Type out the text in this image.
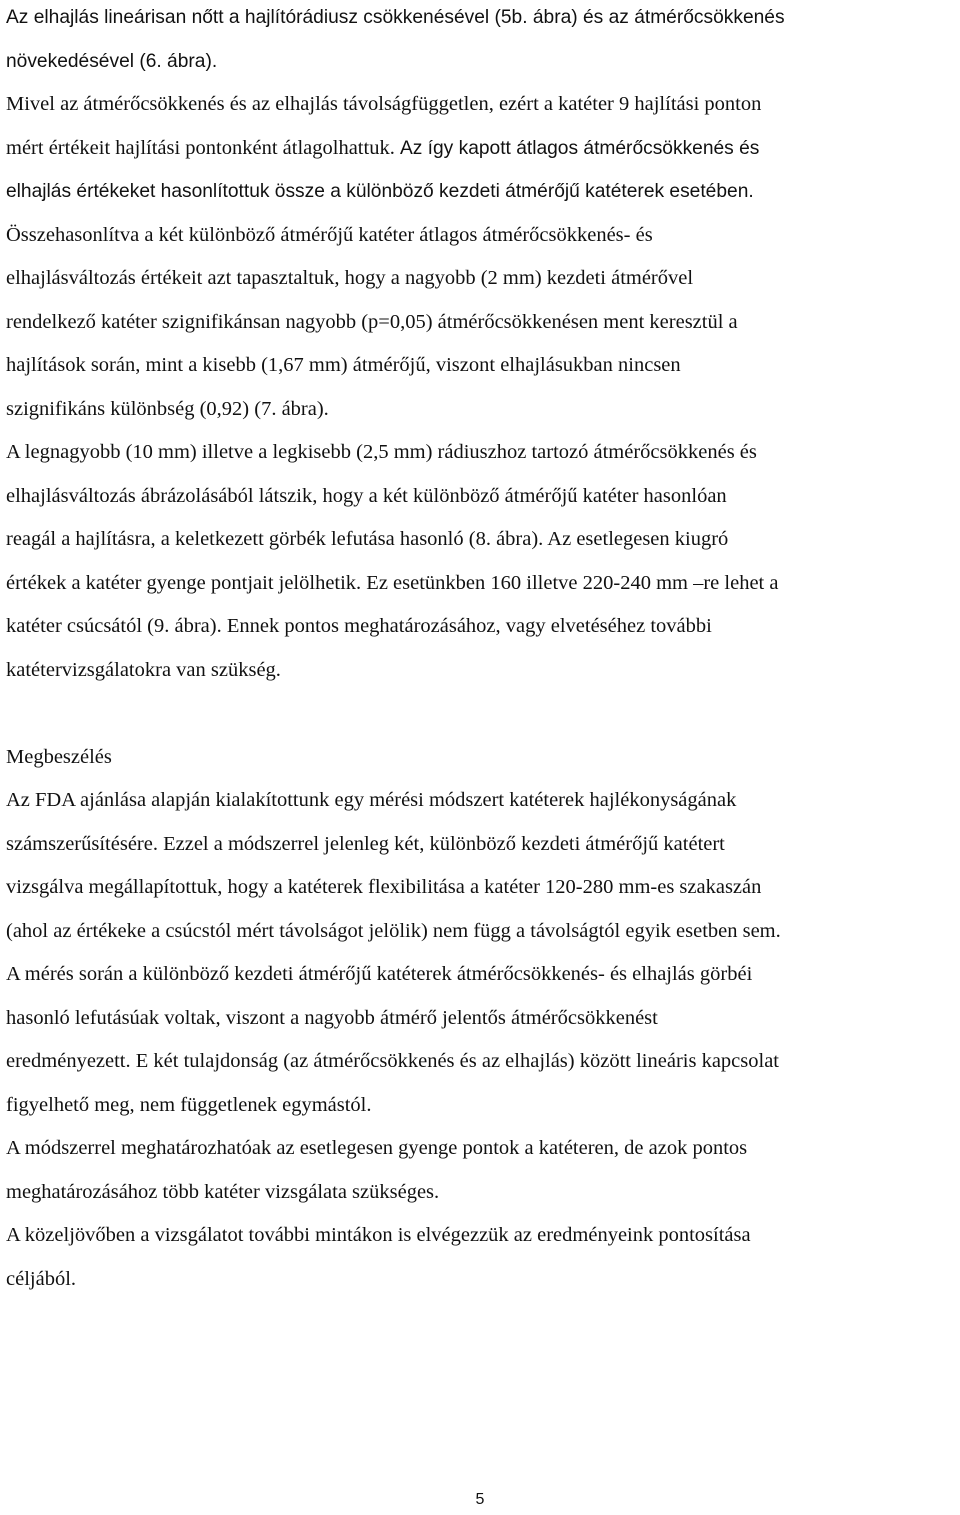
Az elhajlás lineárisan nőtt a hajlítórádiusz csökkenésével (5b. ábra) és az átmérőcsökkenés
növekedésével (6. ábra).

Mivel az átmérőcsökkenés és az elhajlás távolságfüggetlen, ezért a katéter 9 hajlítási ponton
mért értékeit hajlítási pontonként átlagolhattuk. Az így kapott átlagos átmérőcsökkenés és
elhajlás értékeket hasonlítottuk össze a különböző kezdeti átmérőjű katéterek esetében.

Összehasonlítva a két különböző átmérőjű katéter átlagos átmérőcsökkenés- és
elhajlásváltozás értékeit azt tapasztaltuk, hogy a nagyobb (2 mm) kezdeti átmérővel
rendelkező katéter szignifikánsan nagyobb (p=0,05) átmérőcsökkenésen ment keresztül a
hajlítások során, mint a kisebb (1,67 mm) átmérőjű, viszont elhajlásukban nincsen
szignifikáns különbség (0,92) (7. ábra).

A legnagyobb (10 mm) illetve a legkisebb (2,5 mm) rádiuszhoz tartozó átmérőcsökkenés és
elhajlásváltozás ábrázolásából látszik, hogy a két különböző átmérőjű katéter hasonlóan
reagál a hajlításra, a keletkezett görbék lefutása hasonló (8. ábra). Az esetlegesen kiugró
értékek a katéter gyenge pontjait jelölhetik. Ez esetünkben 160 illetve 220-240 mm –re lehet a
katéter csúcsától (9. ábra). Ennek pontos meghatározásához, vagy elvetéséhez további
katétervizsgálatokra van szükség.

Megbeszélés

Az FDA ajánlása alapján kialakítottunk egy mérési módszert katéterek hajlékonyságának
számszerűsítésére. Ezzel a módszerrel jelenleg két, különböző kezdeti átmérőjű katétert
vizsgálva megállapítottuk, hogy a katéterek flexibilitása a katéter 120-280 mm-es szakaszán
(ahol az értékeke a csúcstól mért távolságot jelölik) nem függ a távolságtól egyik esetben sem.
A mérés során a különböző kezdeti átmérőjű katéterek átmérőcsökkenés- és elhajlás görbéi
hasonló lefutásúak voltak, viszont a nagyobb átmérő jelentős átmérőcsökkenést
eredményezett. E két tulajdonság (az átmérőcsökkenés és az elhajlás) között lineáris kapcsolat
figyelhető meg, nem függetlenek egymástól.

A módszerrel meghatározhatóak az esetlegesen gyenge pontok a katéteren, de azok pontos
meghatározásához több katéter vizsgálata szükséges.

A közeljövőben a vizsgálatot további mintákon is elvégezzük az eredményeink pontosítása
céljából.

5
